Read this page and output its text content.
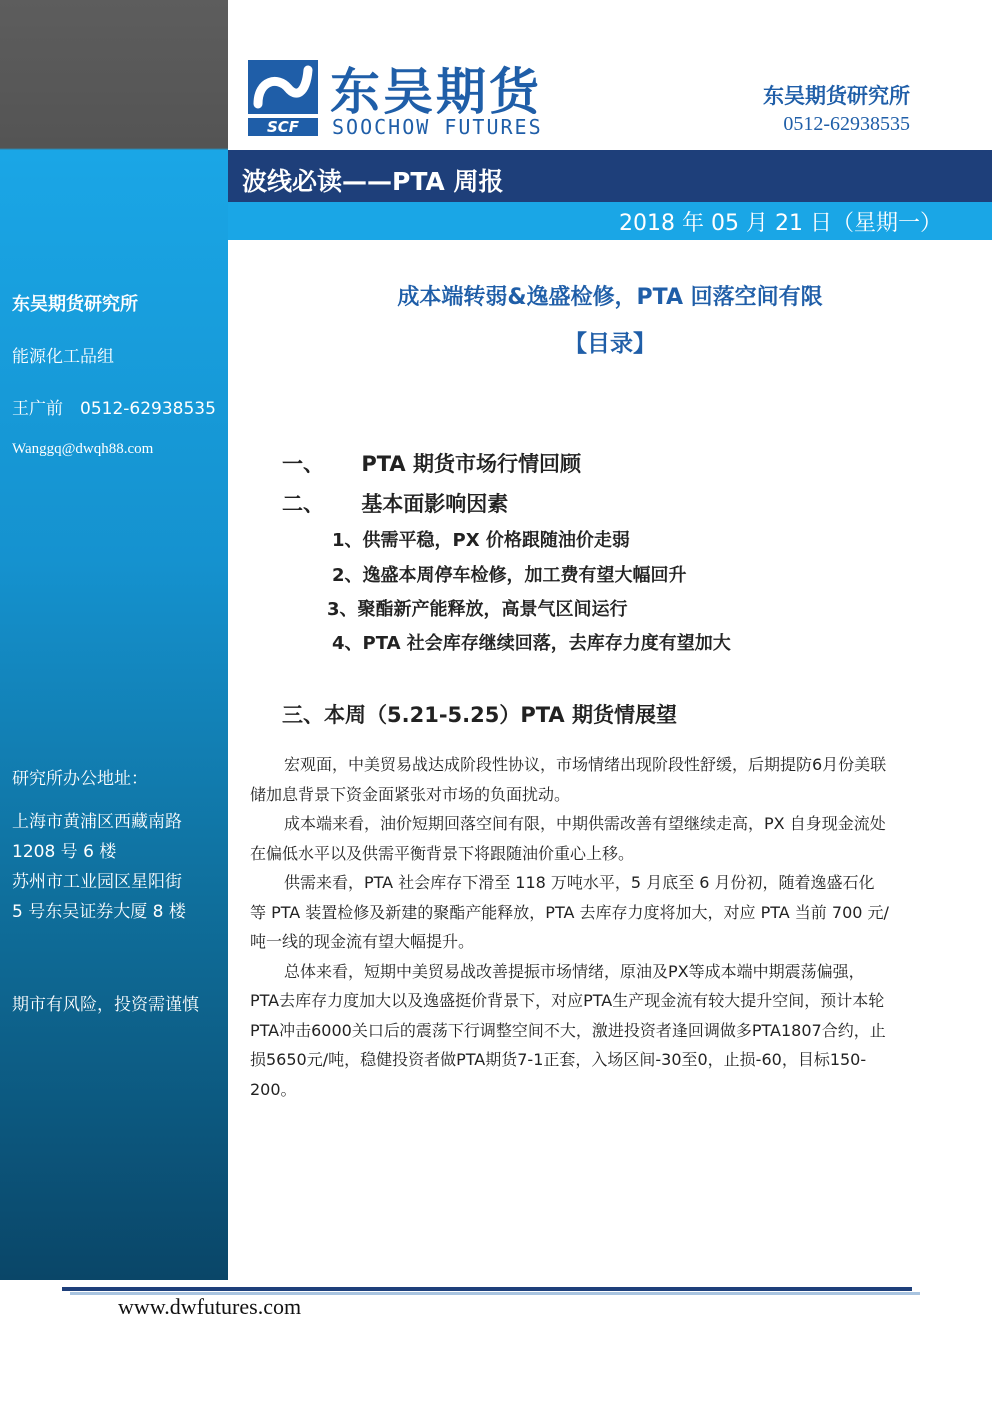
东吴期货研究所
能源化工品组
王广前　0512-62938535
Wanggq@dwqh88.com
研究所办公地址：
上海市黄浦区西藏南路
1208 号 6 楼
苏州市工业园区星阳街
5 号东吴证券大厦 8 楼
期市有风险，投资需谨慎
SCF
东吴期货
SOOCHOW FUTURES
东吴期货研究所
0512-62938535
波线必读——PTA 周报
2018 年 05 月 21 日（星期一）
成本端转弱&逸盛检修，PTA 回落空间有限
【目录】
一、 PTA 期货市场行情回顾
二、 基本面影响因素
1、供需平稳，PX 价格跟随油价走弱
2、逸盛本周停车检修，加工费有望大幅回升
3、聚酯新产能释放，高景气区间运行
4、PTA 社会库存继续回落，去库存力度有望加大
三、本周（5.21-5.25）PTA 期货情展望

宏观面，中美贸易战达成阶段性协议，市场情绪出现阶段性舒缓，后期提防6月份美联储加息背景下资金面紧张对市场的负面扰动。

成本端来看，油价短期回落空间有限，中期供需改善有望继续走高，PX 自身现金流处在偏低水平以及供需平衡背景下将跟随油价重心上移。

供需来看，PTA 社会库存下滑至 118 万吨水平，5 月底至 6 月份初，随着逸盛石化等 PTA 装置检修及新建的聚酯产能释放，PTA 去库存力度将加大，对应 PTA 当前 700 元/吨一线的现金流有望大幅提升。

总体来看，短期中美贸易战改善提振市场情绪，原油及PX等成本端中期震荡偏强，PTA去库存力度加大以及逸盛挺价背景下，对应PTA生产现金流有较大提升空间，预计本轮PTA冲击6000关口后的震荡下行调整空间不大，激进投资者逢回调做多PTA1807合约，止损5650元/吨，稳健投资者做PTA期货7-1正套，入场区间-30至0，止损-60，目标150-200。

www.dwfutures.com
